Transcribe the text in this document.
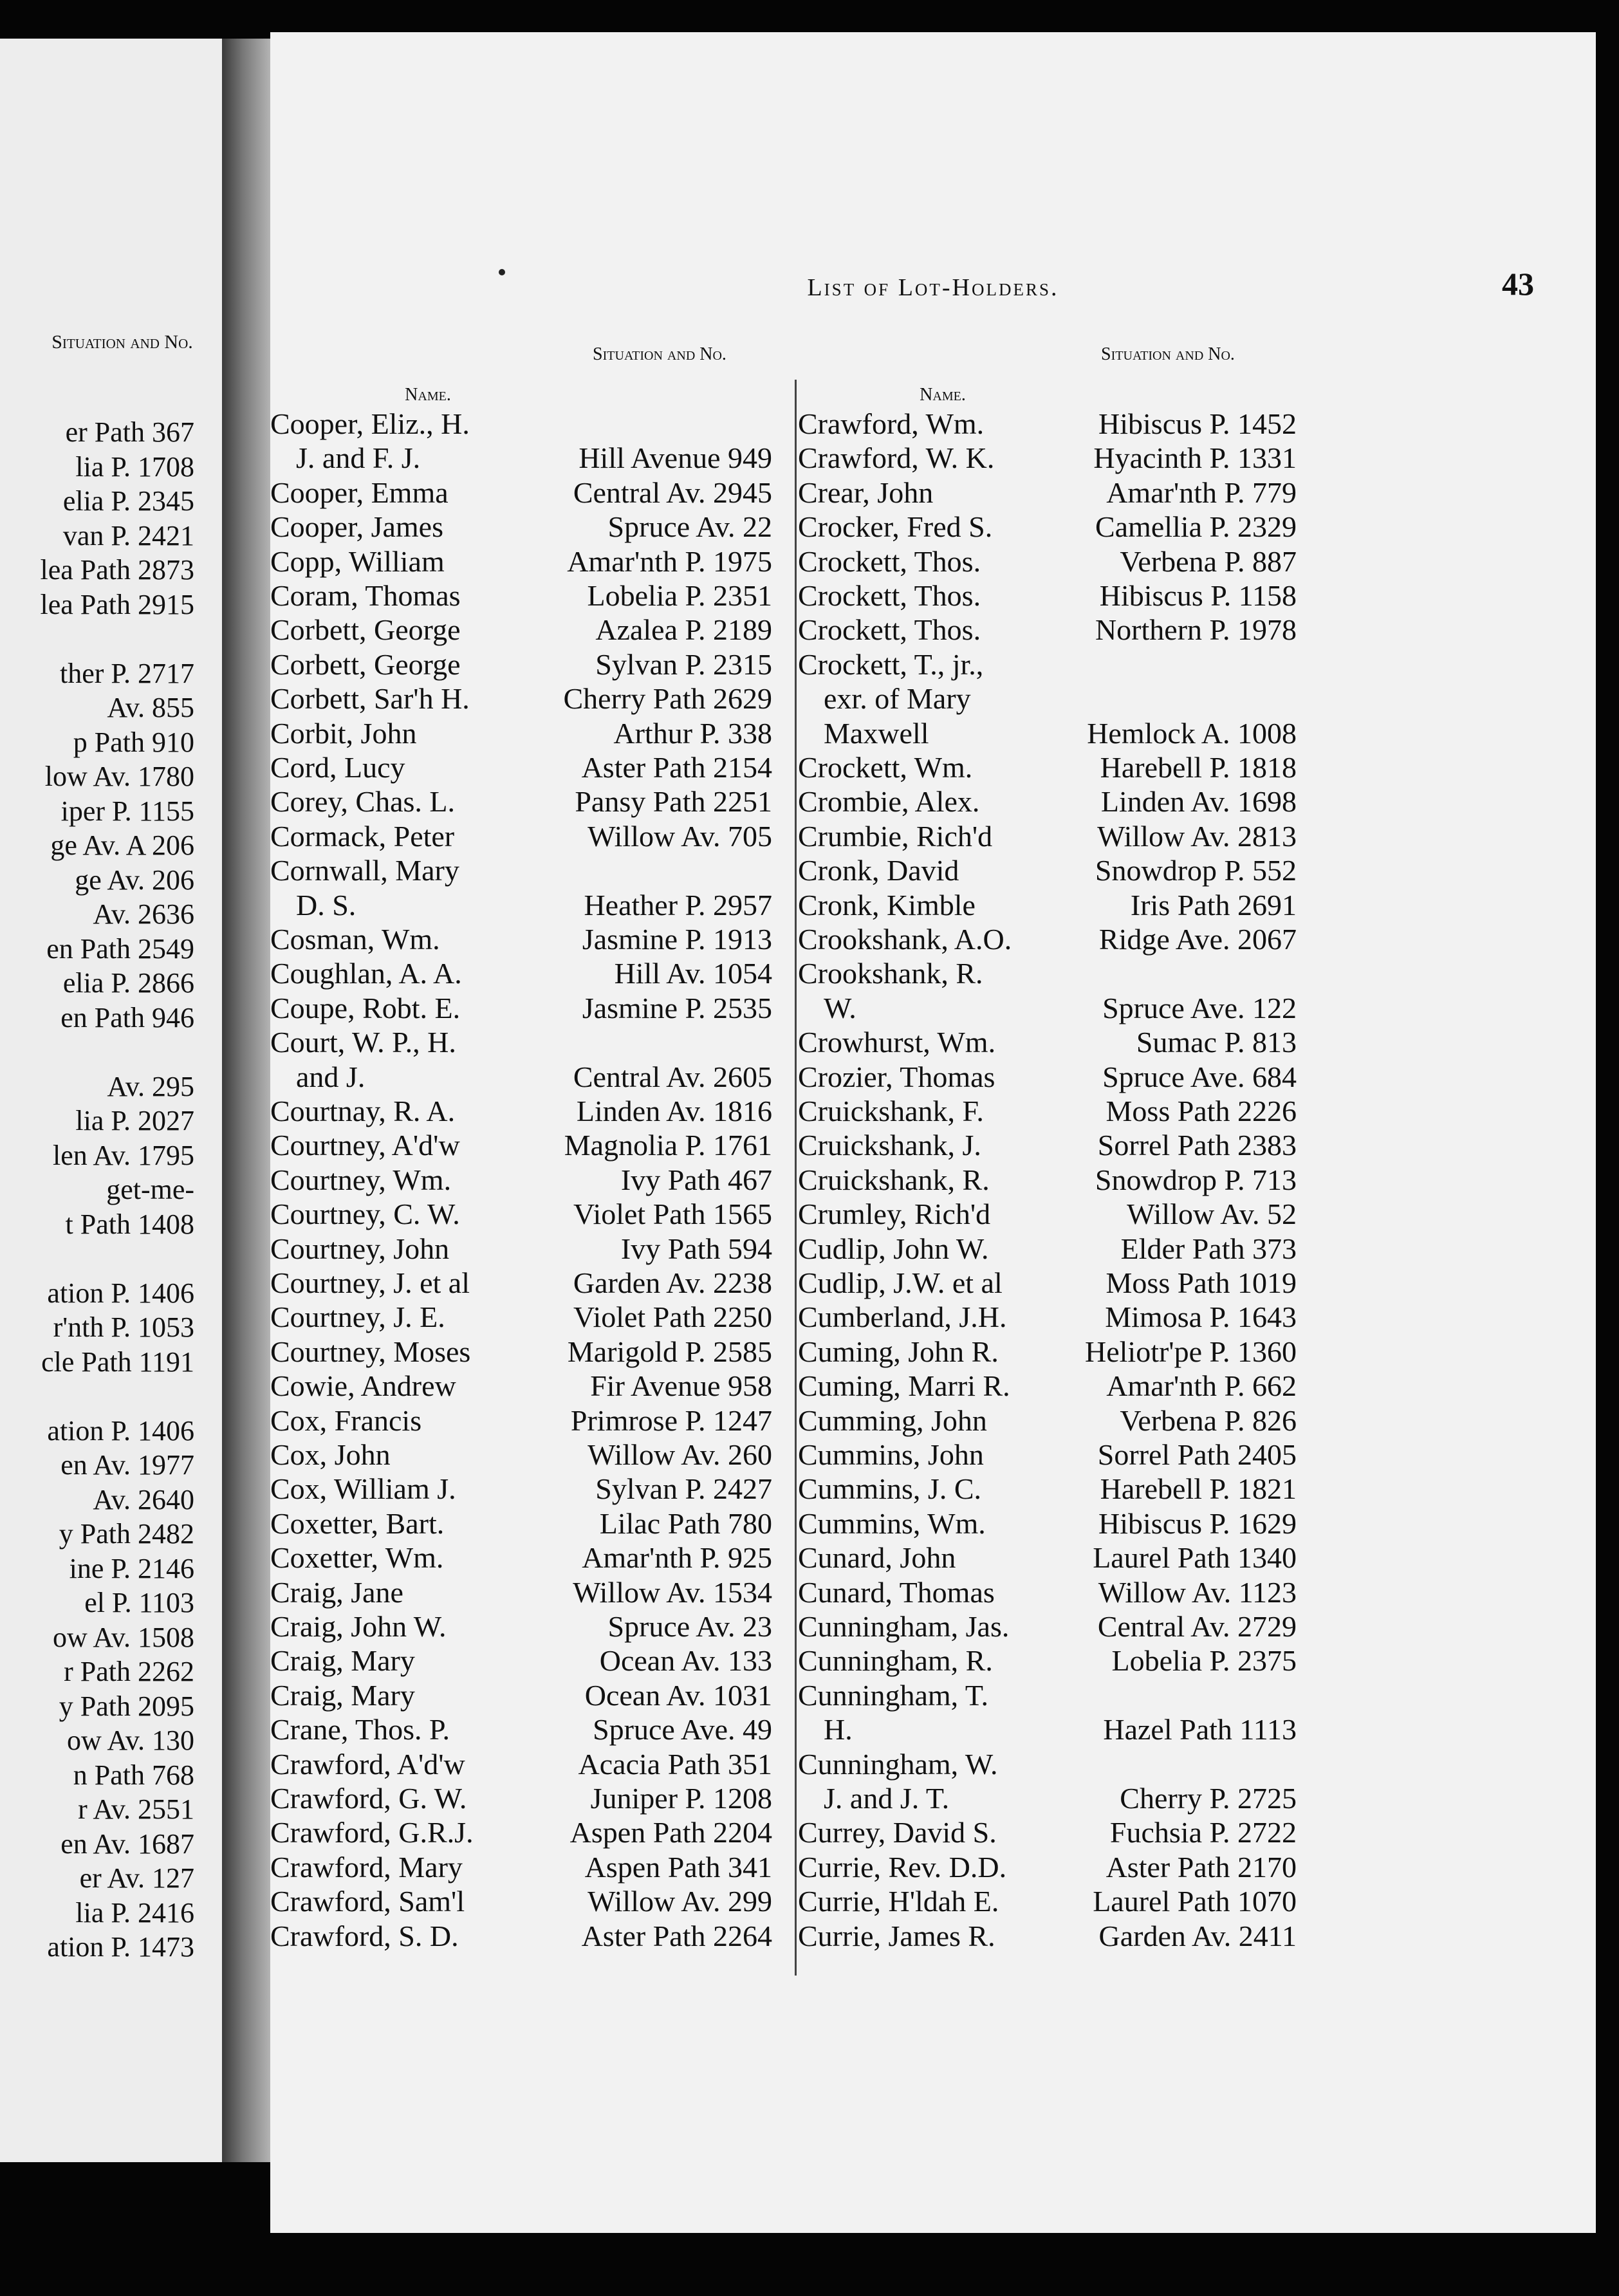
Situation and No.
er Path 367
lia P. 1708
elia P. 2345
van P. 2421
lea Path 2873
lea Path 2915
ther P. 2717
Av. 855
p Path 910
low Av. 1780
iper P. 1155
ge Av. A 206
ge Av. 206
Av. 2636
en Path 2549
elia P. 2866
en Path 946
Av. 295
lia P. 2027
len Av. 1795
get-me-
t Path 1408
ation P. 1406
r'nth P. 1053
cle Path 1191
ation P. 1406
en Av. 1977
Av. 2640
y Path 2482
ine P. 2146
el P. 1103
ow Av. 1508
r Path 2262
y Path 2095
ow Av. 130
n Path 768
r Av. 2551
en Av. 1687
er Av. 127
lia P. 2416
ation P. 1473
List of Lot-Holders.	43
Name.
Situation and No.
Name.
Situation and No.
Cooper, Eliz., H.
J. and F. J.	Hill Avenue 949
Cooper, Emma	Central Av. 2945
Cooper, James	Spruce Av. 22
Copp, William	Amar'nth P. 1975
Coram, Thomas	Lobelia P. 2351
Corbett, George	Azalea P. 2189
Corbett, George	Sylvan P. 2315
Corbett, Sar'h H.	Cherry Path 2629
Corbit, John	Arthur P. 338
Cord, Lucy	Aster Path 2154
Corey, Chas. L.	Pansy Path 2251
Cormack, Peter	Willow Av. 705
Cornwall, Mary
D. S.	Heather P. 2957
Cosman, Wm.	Jasmine P. 1913
Coughlan, A. A.	Hill Av. 1054
Coupe, Robt. E.	Jasmine P. 2535
Court, W. P., H.
and J.	Central Av. 2605
Courtnay, R. A.	Linden Av. 1816
Courtney, A'd'w	Magnolia P. 1761
Courtney, Wm.	Ivy Path 467
Courtney, C. W.	Violet Path 1565
Courtney, John	Ivy Path 594
Courtney, J. et al	Garden Av. 2238
Courtney, J. E.	Violet Path 2250
Courtney, Moses	Marigold P. 2585
Cowie, Andrew	Fir Avenue 958
Cox, Francis	Primrose P. 1247
Cox, John	Willow Av. 260
Cox, William J.	Sylvan P. 2427
Coxetter, Bart.	Lilac Path 780
Coxetter, Wm.	Amar'nth P. 925
Craig, Jane	Willow Av. 1534
Craig, John W.	Spruce Av. 23
Craig, Mary	Ocean Av. 133
Craig, Mary	Ocean Av. 1031
Crane, Thos. P.	Spruce Ave. 49
Crawford, A'd'w	Acacia Path 351
Crawford, G. W.	Juniper P. 1208
Crawford, G.R.J.	Aspen Path 2204
Crawford, Mary	Aspen Path 341
Crawford, Sam'l	Willow Av. 299
Crawford, S. D.	Aster Path 2264
Crawford, Wm.	Hibiscus P. 1452
Crawford, W. K.	Hyacinth P. 1331
Crear, John	Amar'nth P. 779
Crocker, Fred S.	Camellia P. 2329
Crockett, Thos.	Verbena P. 887
Crockett, Thos.	Hibiscus P. 1158
Crockett, Thos.	Northern P. 1978
Crockett, T., jr.,
exr. of Mary
Maxwell	Hemlock A. 1008
Crockett, Wm.	Harebell P. 1818
Crombie, Alex.	Linden Av. 1698
Crumbie, Rich'd	Willow Av. 2813
Cronk, David	Snowdrop P. 552
Cronk, Kimble	Iris Path 2691
Crookshank, A.O.	Ridge Ave. 2067
Crookshank, R.
W.	Spruce Ave. 122
Crowhurst, Wm.	Sumac P. 813
Crozier, Thomas	Spruce Ave. 684
Cruickshank, F.	Moss Path 2226
Cruickshank, J.	Sorrel Path 2383
Cruickshank, R.	Snowdrop P. 713
Crumley, Rich'd	Willow Av. 52
Cudlip, John W.	Elder Path 373
Cudlip, J.W. et al	Moss Path 1019
Cumberland, J.H.	Mimosa P. 1643
Cuming, John R.	Heliotr'pe P. 1360
Cuming, Marri R.	Amar'nth P. 662
Cumming, John	Verbena P. 826
Cummins, John	Sorrel Path 2405
Cummins, J. C.	Harebell P. 1821
Cummins, Wm.	Hibiscus P. 1629
Cunard, John	Laurel Path 1340
Cunard, Thomas	Willow Av. 1123
Cunningham, Jas.	Central Av. 2729
Cunningham, R.	Lobelia P. 2375
Cunningham, T.
H.	Hazel Path 1113
Cunningham, W.
J. and J. T.	Cherry P. 2725
Currey, David S.	Fuchsia P. 2722
Currie, Rev. D.D.	Aster Path 2170
Currie, H'ldah E.	Laurel Path 1070
Currie, James R.	Garden Av. 2411
